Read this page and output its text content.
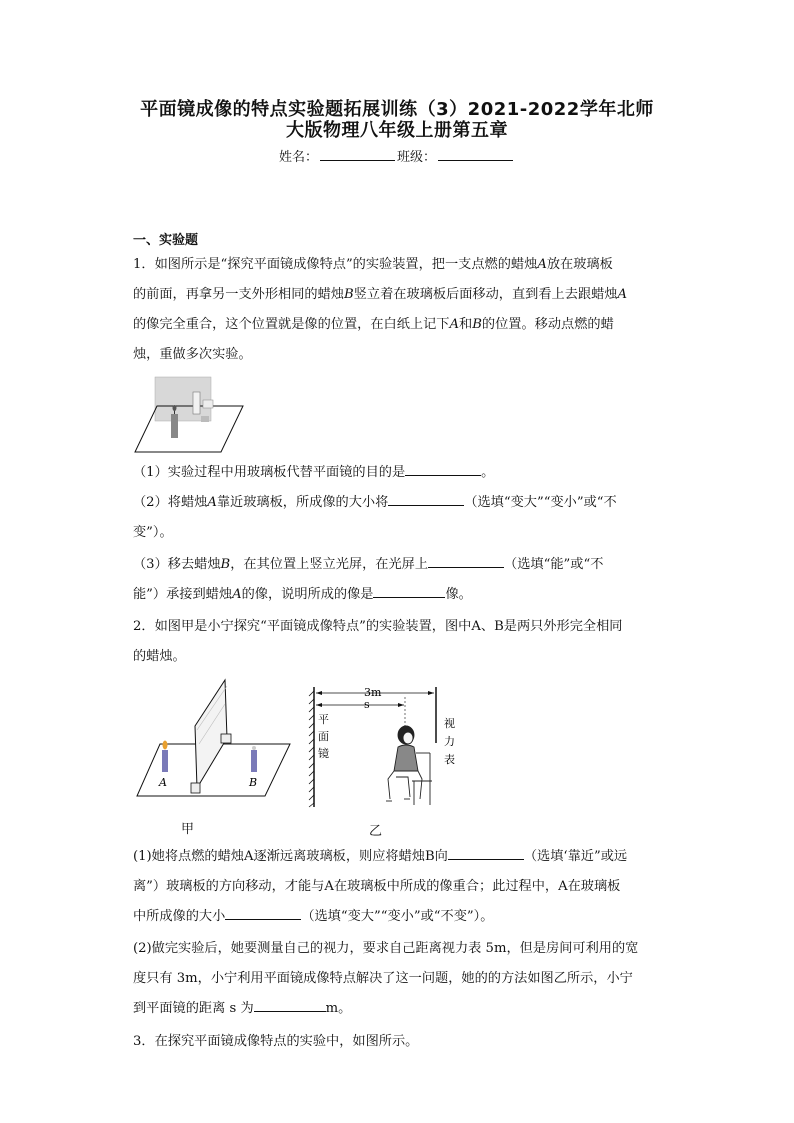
平面镜成像的特点实验题拓展训练（3）2021-2022学年北师
大版物理八年级上册第五章
姓名：	班级：
一、实验题
1．如图所示是“探究平面镜成像特点”的实验装置，把一支点燃的蜡烛A放在玻璃板
的前面，再拿另一支外形相同的蜡烛B竖立着在玻璃板后面移动，直到看上去跟蜡烛A
的像完全重合，这个位置就是像的位置，在白纸上记下A和B的位置。移动点燃的蜡
烛，重做多次实验。
（1）实验过程中用玻璃板代替平面镜的目的是	。
（2）将蜡烛A靠近玻璃板，所成像的大小将	（选填“变大”“变小”或“不
变”）。
（3）移去蜡烛B，在其位置上竖立光屏，在光屏上	（选填“能”或“不
能”）承接到蜡烛A的像，说明所成的像是	像。
2．如图甲是小宁探究“平面镜成像特点”的实验装置，图中A、B是两只外形完全相同
的蜡烛。
A	B
3m
s
平
面
镜
视
力
表
甲	乙
(1)她将点燃的蜡烛A逐渐远离玻璃板，则应将蜡烛B向	（选填‘靠近”或远
离”）玻璃板的方向移动，才能与A在玻璃板中所成的像重合；此过程中，A在玻璃板
中所成像的大小	（选填“变大”“变小”或“不变”）。
(2)做完实验后，她要测量自己的视力，要求自己距离视力表 5m，但是房间可利用的宽
度只有 3m，小宁利用平面镜成像特点解决了这一问题，她的的方法如图乙所示，小宁
到平面镜的距离 s 为	m。
3．在探究平面镜成像特点的实验中，如图所示。
